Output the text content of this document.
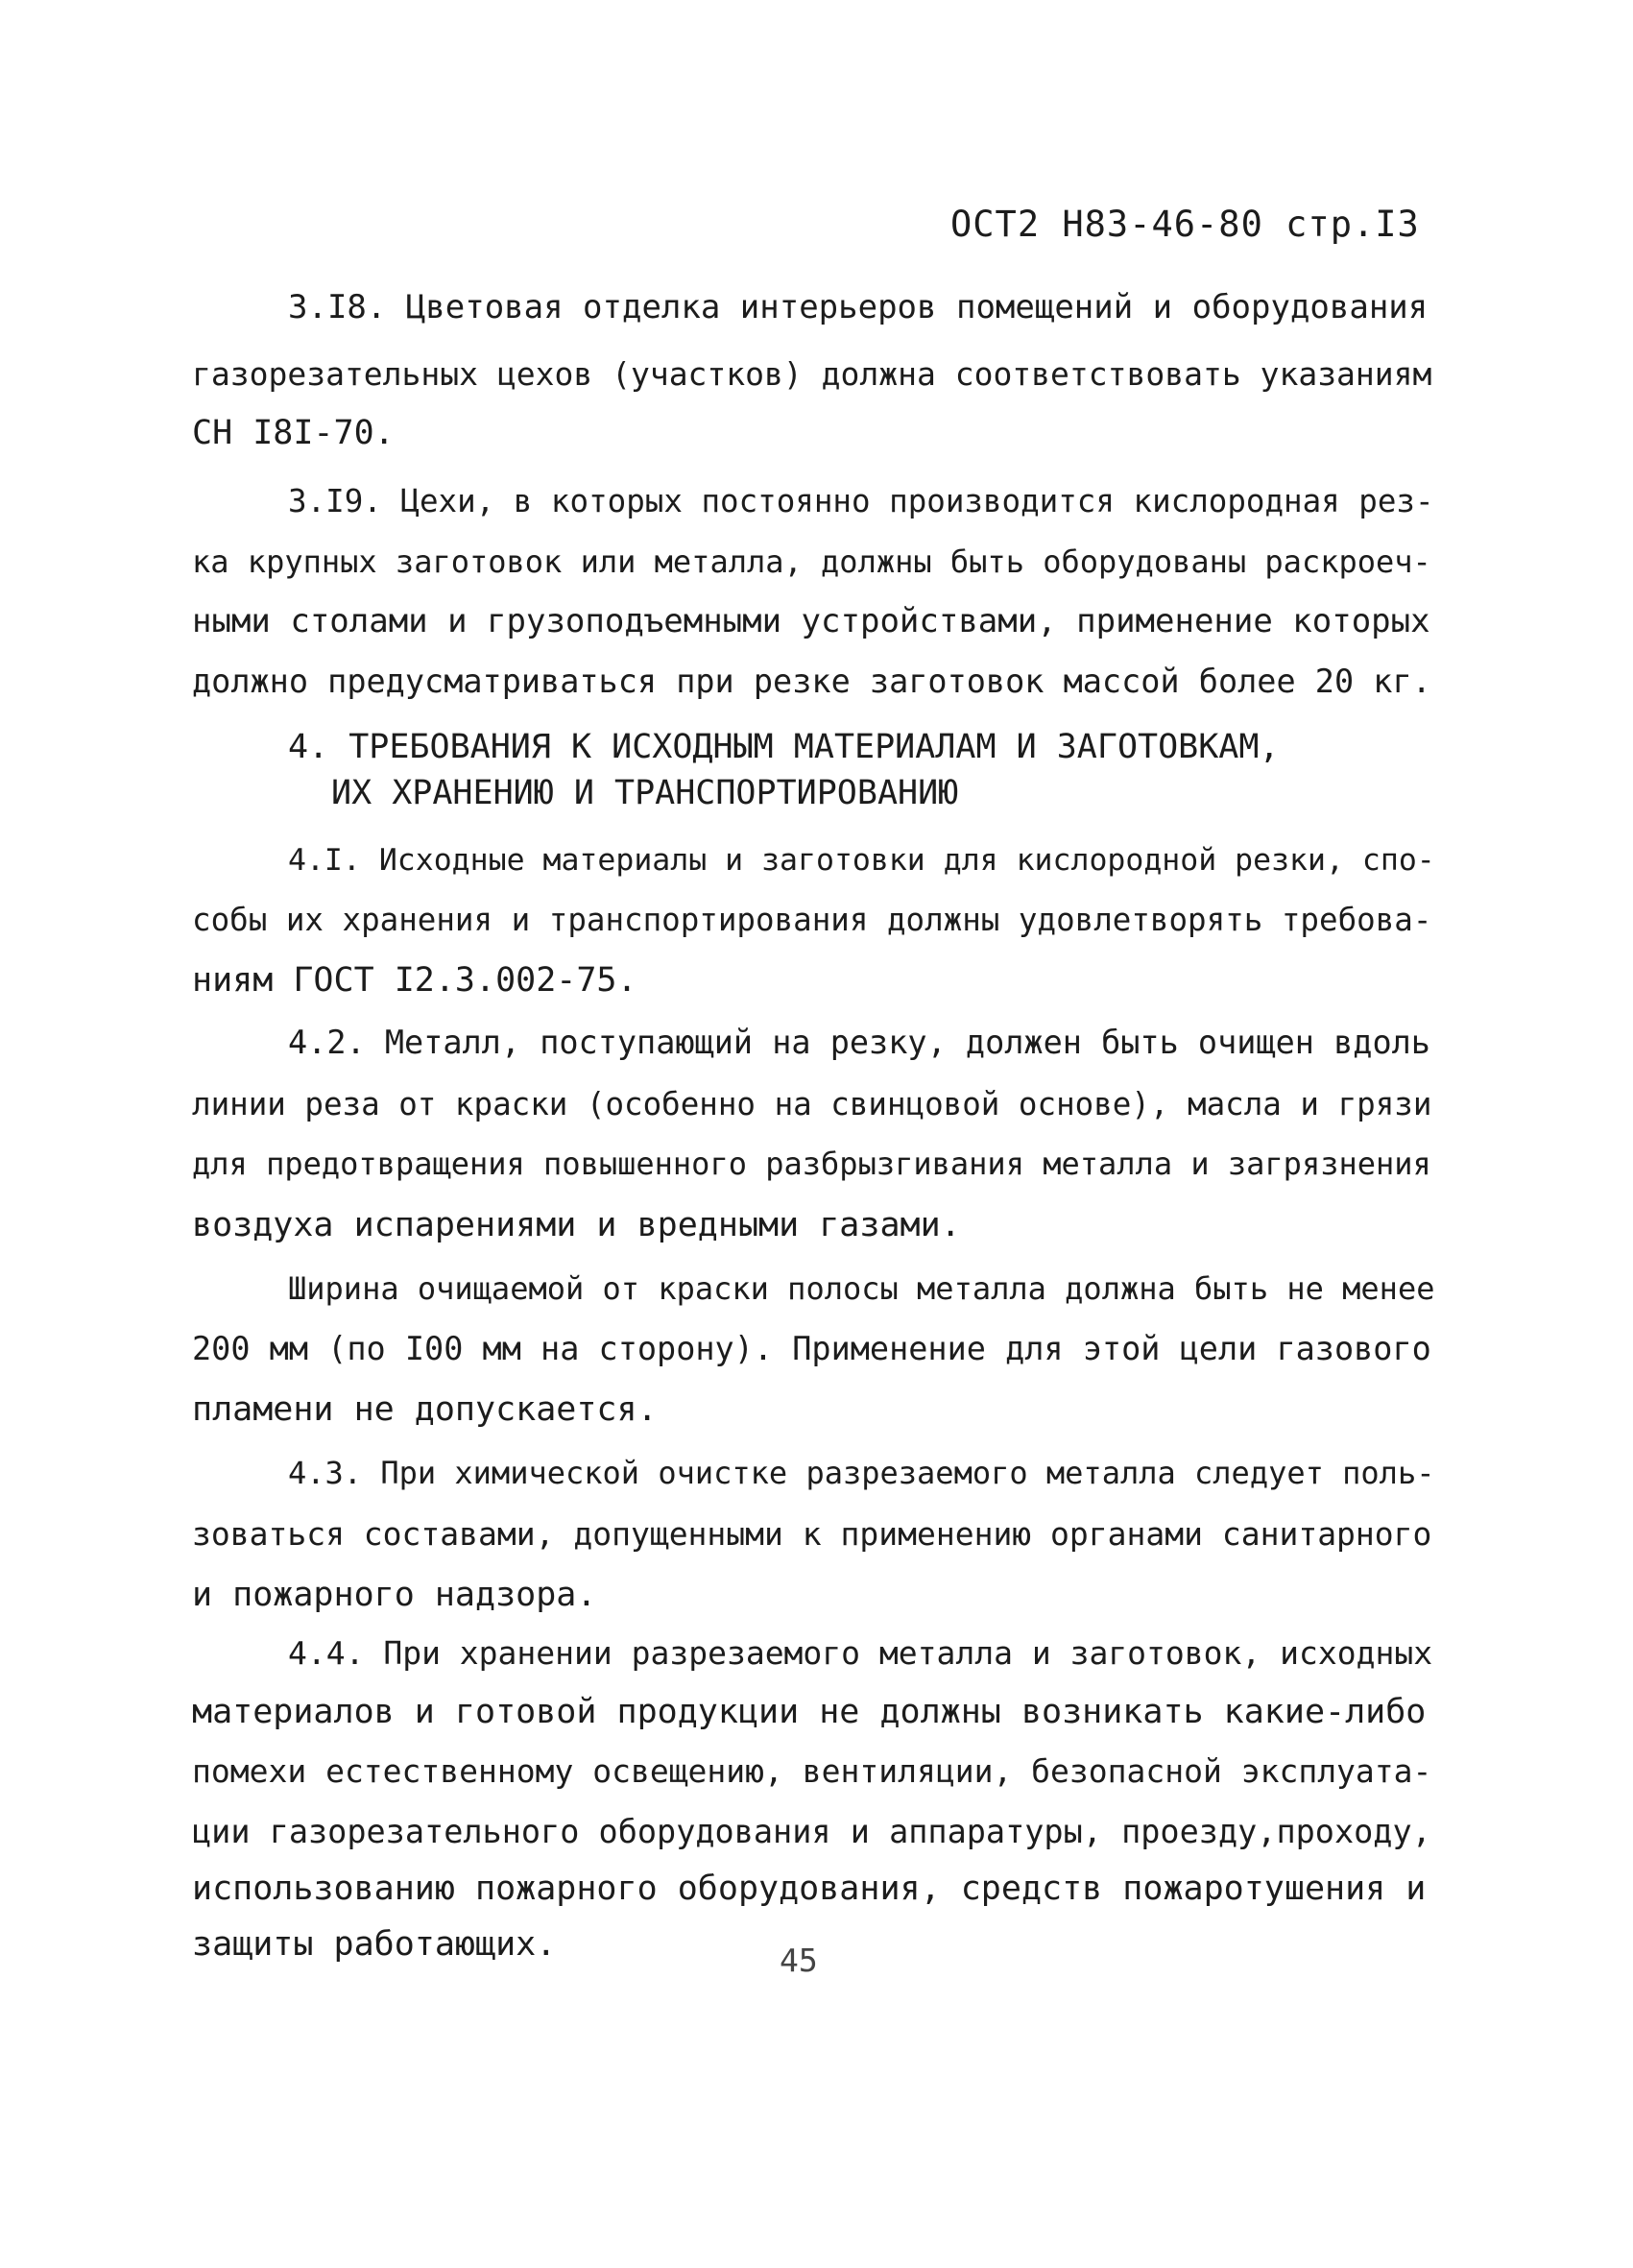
ОСТ2 Н83-46-80 стр.I3
3.I8. Цветовая отделка интерьеров помещений и оборудования
газорезательных цехов (участков) должна соответствовать указаниям
СН I8I-70.
3.I9. Цехи, в которых постоянно производится кислородная рез-
ка крупных заготовок или металла, должны быть оборудованы раскроеч-
ными столами и грузоподъемными устройствами, применение которых
должно предусматриваться при резке заготовок массой более 20 кг.
4. ТРЕБОВАНИЯ К ИСХОДНЫМ МАТЕРИАЛАМ И ЗАГОТОВКАМ,
ИХ ХРАНЕНИЮ И ТРАНСПОРТИРОВАНИЮ
4.I. Исходные материалы и заготовки для кислородной резки, спо-
собы их хранения и транспортирования должны удовлетворять требова-
ниям ГОСТ I2.3.002-75.
4.2. Металл, поступающий на резку, должен быть очищен вдоль
линии реза от краски (особенно на свинцовой основе), масла и грязи
для предотвращения повышенного разбрызгивания металла и загрязнения
воздуха испарениями и вредными газами.
Ширина очищаемой от краски полосы металла должна быть не менее
200 мм (по I00 мм на сторону). Применение для этой цели газового
пламени не допускается.
4.3. При химической очистке разрезаемого металла следует поль-
зоваться составами, допущенными к применению органами санитарного
и пожарного надзора.
4.4. При хранении разрезаемого металла и заготовок, исходных
материалов и готовой продукции не должны возникать какие-либо
помехи естественному освещению, вентиляции, безопасной эксплуата-
ции газорезательного оборудования и аппаратуры, проезду,проходу,
использованию пожарного оборудования, средств пожаротушения и
защиты работающих.	45
